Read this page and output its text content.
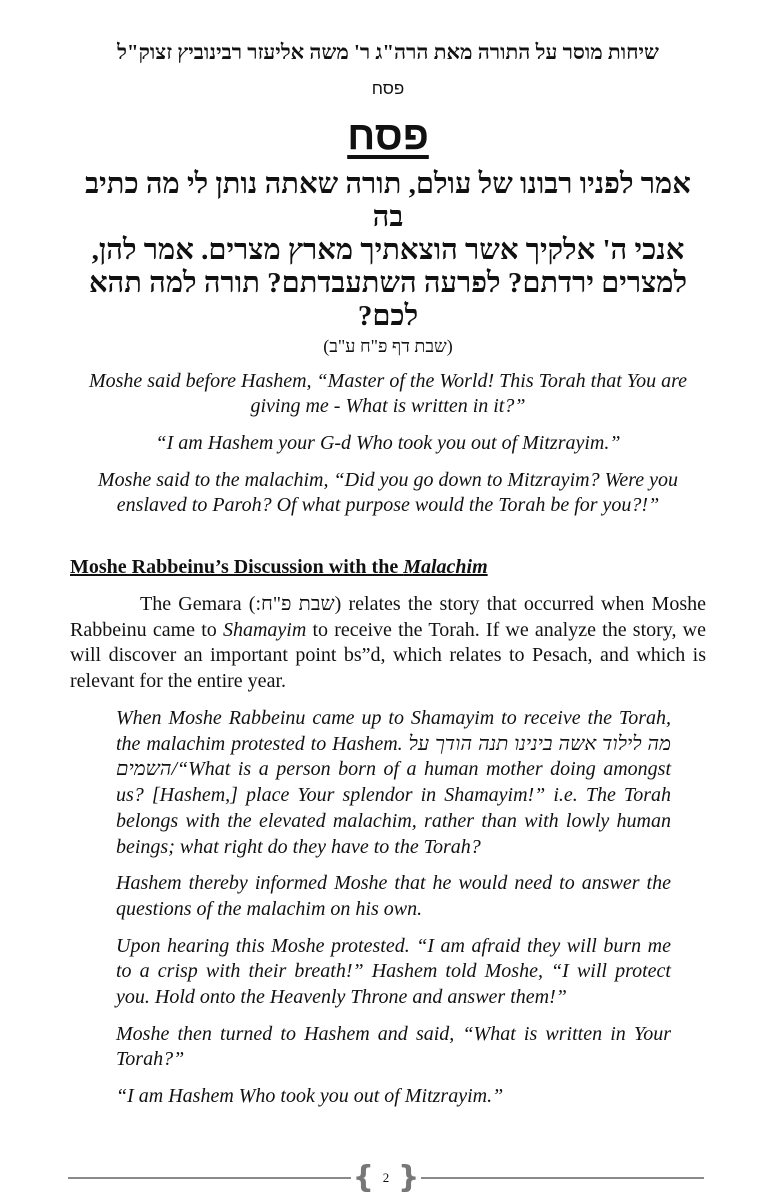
שיחות מוסר על התורה מאת הרה"ג ר' משה אליעזר רבינוביץ זצוק"ל
פסח
פסח
אמר לפניו רבונו של עולם, תורה שאתה נותן לי מה כתיב בה
אנכי ה' אלקיך אשר הוצאתיך מארץ מצרים. אמר להן,
למצרים ירדתם? לפרעה השתעבדתם? תורה למה תהא לכם?
(שבת דף פ"ח ע"ב)
Moshe said before Hashem, “Master of the World! This Torah that You are giving me - What is written in it?”
“I am Hashem your G-d Who took you out of Mitzrayim.”
Moshe said to the malachim, “Did you go down to Mitzrayim? Were you enslaved to Paroh? Of what purpose would the Torah be for you?!”
Moshe Rabbeinu’s Discussion with the Malachim
The Gemara (שבת פ"ח:) relates the story that occurred when Moshe Rabbeinu came to Shamayim to receive the Torah. If we analyze the story, we will discover an important point bs”d, which relates to Pesach, and which is relevant for the entire year.

When Moshe Rabbeinu came up to Shamayim to receive the Torah, the malachim protested to Hashem. מה לילוד אשה בינינו תנה הודך על השמים/“What is a person born of a human mother doing amongst us? [Hashem,] place Your splendor in Shamayim!” i.e. The Torah belongs with the elevated malachim, rather than with lowly human beings; what right do they have to the Torah?

Hashem thereby informed Moshe that he would need to answer the questions of the malachim on his own.

Upon hearing this Moshe protested. “I am afraid they will burn me to a crisp with their breath!” Hashem told Moshe, “I will protect you. Hold onto the Heavenly Throne and answer them!”

Moshe then turned to Hashem and said, “What is written in Your Torah?”

“I am Hashem Who took you out of Mitzrayim.”

{ 2 }
